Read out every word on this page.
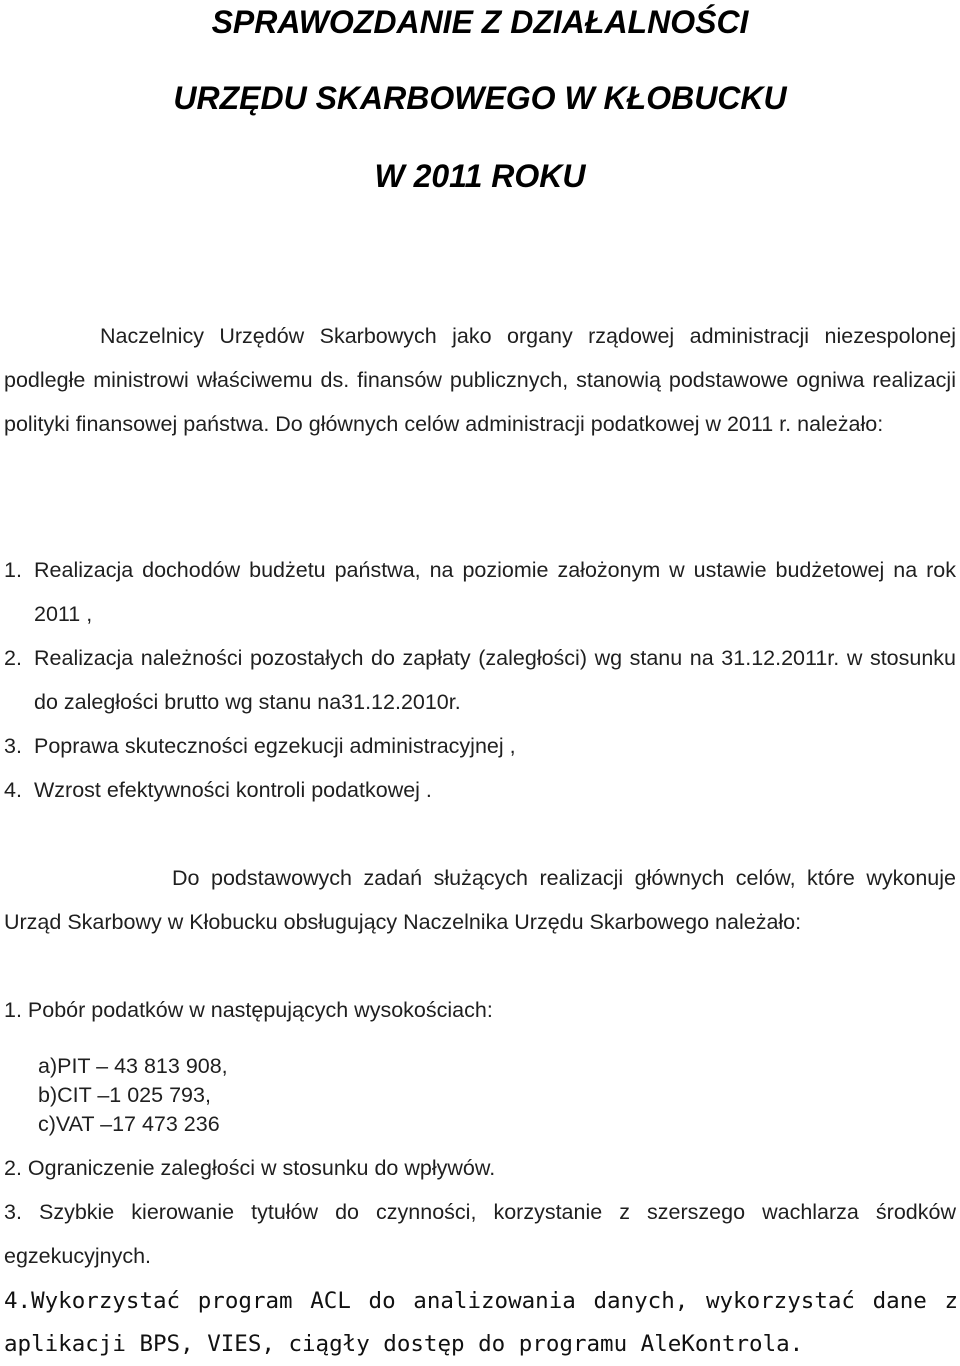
SPRAWOZDANIE Z DZIAŁALNOŚCI
URZĘDU SKARBOWEGO W KŁOBUCKU
W 2011 ROKU
Naczelnicy Urzędów Skarbowych jako organy rządowej administracji niezespolonej podległe ministrowi właściwemu ds. finansów publicznych, stanowią podstawowe ogniwa realizacji polityki finansowej państwa. Do głównych celów administracji podatkowej w 2011 r. należało:
1. Realizacja dochodów budżetu państwa, na poziomie założonym w ustawie budżetowej na rok 2011 ,
2. Realizacja należności pozostałych do zapłaty (zaległości) wg stanu na 31.12.2011r. w stosunku do zaległości brutto wg stanu na31.12.2010r.
3. Poprawa skuteczności egzekucji administracyjnej ,
4. Wzrost efektywności kontroli podatkowej .
Do podstawowych zadań służących realizacji głównych celów, które wykonuje Urząd Skarbowy w Kłobucku obsługujący Naczelnika Urzędu Skarbowego należało:
1. Pobór podatków w następujących wysokościach:
a)PIT – 43 813 908,
b)CIT –1 025 793,
c)VAT –17 473 236
2. Ograniczenie zaległości w stosunku do wpływów.
3. Szybkie kierowanie tytułów do czynności, korzystanie z szerszego wachlarza środków egzekucyjnych.
4.Wykorzystać program ACL do analizowania danych, wykorzystać dane z aplikacji BPS, VIES, ciągły dostęp do programu AleKontrola.
